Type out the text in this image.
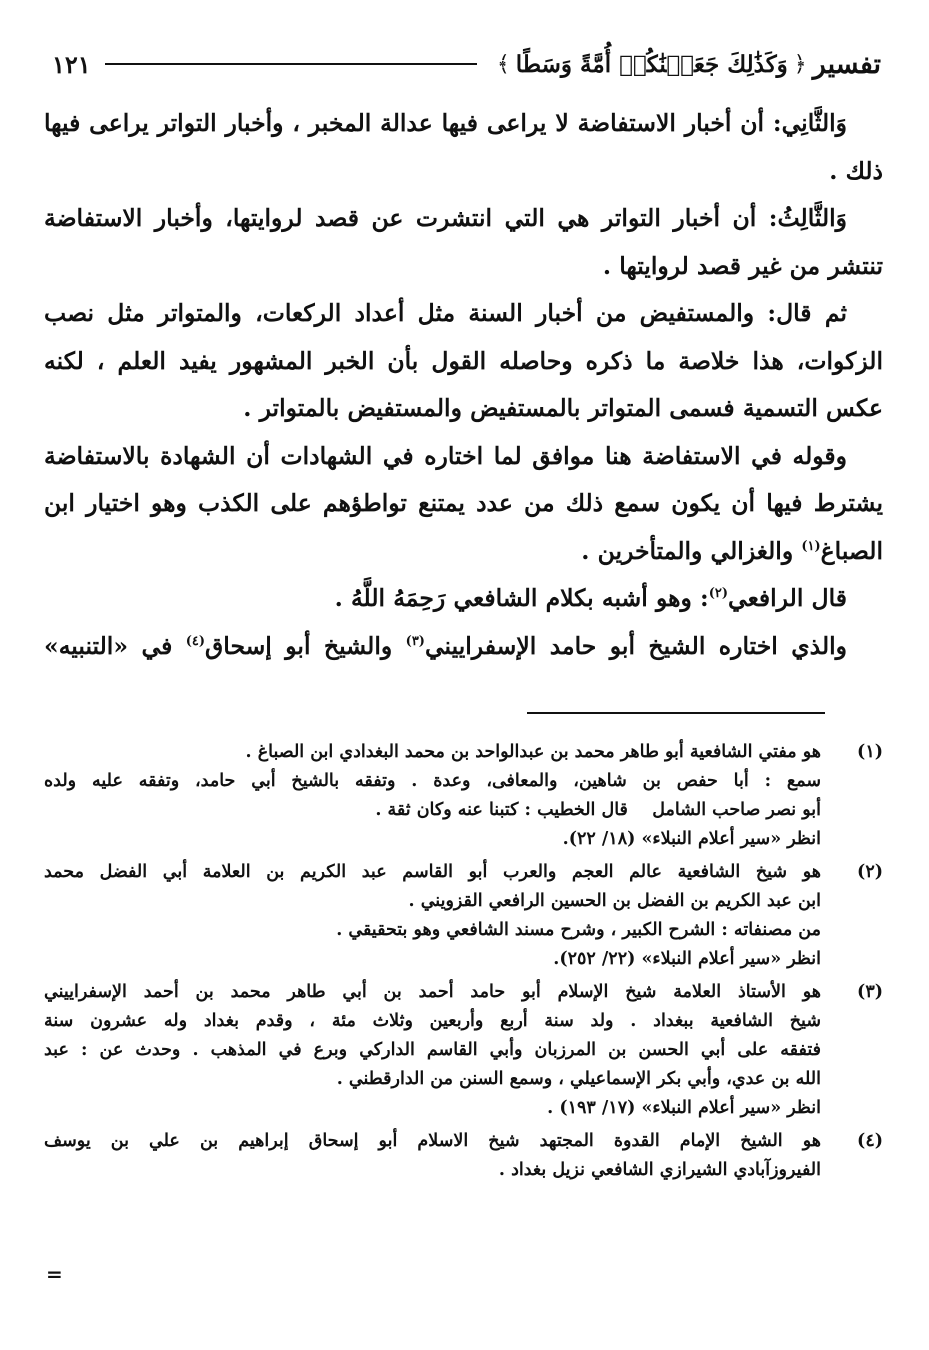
تفسير
﴿
وَكَذَٰلِكَ جَعَلۡنَٰكُمۡ أُمَّةً وَسَطًا
﴾
١٢١

وَالثَّانِي: أن أخبار الاستفاضة لا يراعى فيها عدالة المخبر ، وأخبار التواتر يراعى فيها ذلك .

وَالثَّالِثُ: أن أخبار التواتر هي التي انتشرت عن قصد لروايتها، وأخبار الاستفاضة تنتشر من غير قصد لروايتها .

ثم قال: والمستفيض من أخبار السنة مثل أعداد الركعات، والمتواتر مثل نصب الزكوات، هذا خلاصة ما ذكره وحاصله القول بأن الخبر المشهور يفيد العلم ، لكنه عكس التسمية فسمى المتواتر بالمستفيض والمستفيض بالمتواتر .

وقوله في الاستفاضة هنا موافق لما اختاره في الشهادات أن الشهادة بالاستفاضة يشترط فيها أن يكون سمع ذلك من عدد يمتنع تواطؤهم على الكذب وهو اختيار ابن الصباغ$^{(١)}$ والغزالي والمتأخرين .

قال الرافعي$^{(٢)}$: وهو أشبه بكلام الشافعي رَحِمَهُ اللَّهُ .

والذي اختاره الشيخ أبو حامد الإسفراييني$^{(٣)}$ والشيخ أبو إسحاق$^{(٤)}$ في «التنبيه»

(١)
هو مفتي الشافعية أبو طاهر محمد بن عبدالواحد بن محمد البغدادي ابن الصباغ .
سمع : أبا حفص بن شاهين، والمعافى، وعدة . وتفقه بالشيخ أبي حامد، وتفقه عليه ولده
أبو نصر صاحب الشامل    قال الخطيب : كتبنا عنه وكان ثقة .
انظر «سير أعلام النبلاء» (١٨/ ٢٢).
(٢)
هو شيخ الشافعية عالم العجم والعرب أبو القاسم عبد الكريم بن العلامة أبي الفضل محمد
ابن عبد الكريم بن الفضل بن الحسين الرافعي القزويني .
من مصنفاته : الشرح الكبير ، وشرح مسند الشافعي وهو بتحقيقي .
انظر «سير أعلام النبلاء» (٢٢/ ٢٥٢).
(٣)
هو الأستاذ العلامة شيخ الإسلام أبو حامد أحمد بن أبي طاهر محمد بن أحمد الإسفراييني
شيخ الشافعية ببغداد . ولد سنة أربع وأربعين وثلاث مئة ، وقدم بغداد وله عشرون سنة
فتفقه على أبي الحسن بن المرزبان وأبي القاسم الداركي وبرع في المذهب . وحدث عن : عبد
الله بن عدي، وأبي بكر الإسماعيلي ، وسمع السنن من الدارقطني .
انظر «سير أعلام النبلاء» (١٧/ ١٩٣) .
(٤)
هو الشيخ الإمام القدوة المجتهد شيخ الاسلام أبو إسحاق إبراهيم بن علي بن يوسف
الفيروزآبادي الشيرازي الشافعي نزيل بغداد .
=
